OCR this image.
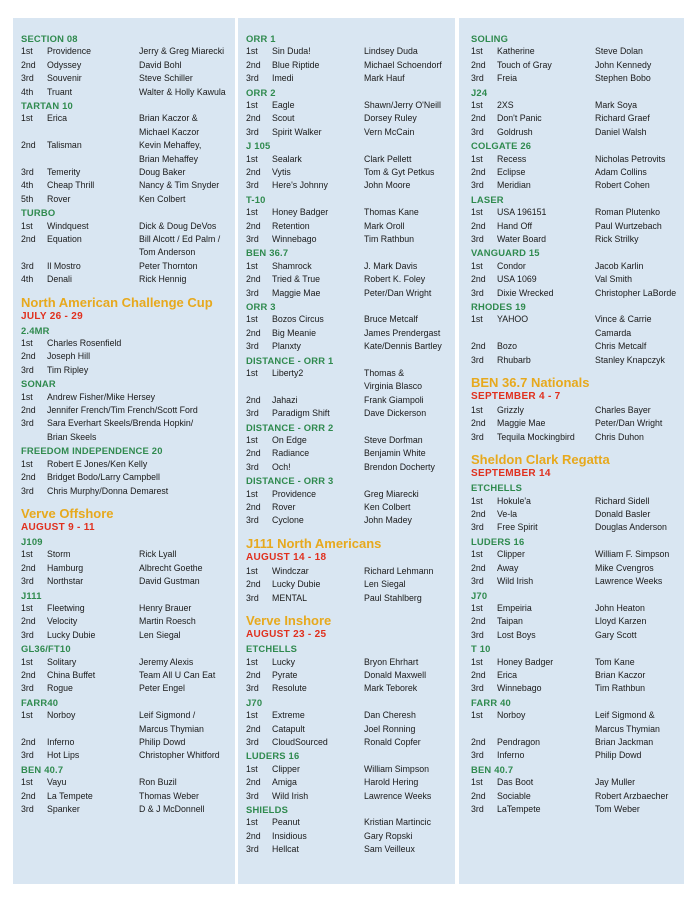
SECTION 08
1st	Providence	Jerry & Greg Miarecki
2nd	Odyssey	David Bohl
3rd	Souvenir	Steve Schiller
4th	Truant	Walter & Holly Kawula
TARTAN 10
1st	Erica	Brian Kaczor &
Michael Kaczor
2nd	Talisman	Kevin Mehaffey,
Brian Mehaffey
3rd	Temerity	Doug Baker
4th	Cheap Thrill	Nancy & Tim Snyder
5th	Rover	Ken Colbert
TURBO
1st	Windquest	Dick & Doug DeVos
2nd	Equation	Bill Alcott / Ed Palm /
Tom Anderson
3rd	Il Mostro	Peter Thornton
4th	Denali	Rick Hennig
North American Challenge Cup
JULY 26 - 29
2.4MR
1st	Charles Rosenfield
2nd	Joseph Hill
3rd	Tim Ripley
SONAR
1st	Andrew Fisher/Mike Hersey
2nd	Jennifer French/Tim French/Scott Ford
3rd	Sara Everhart Skeels/Brenda Hopkin/
Brian Skeels
FREEDOM INDEPENDENCE 20
1st	Robert E Jones/Ken Kelly
2nd	Bridget Bodo/Larry Campbell
3rd	Chris Murphy/Donna Demarest
Verve Offshore
AUGUST 9 - 11
J109
1st	Storm	Rick Lyall
2nd	Hamburg	Albrecht Goethe
3rd	Northstar	David Gustman
J111
1st	Fleetwing	Henry Brauer
2nd	Velocity	Martin Roesch
3rd	Lucky Dubie	Len Siegal
GL36/FT10
1st	Solitary	Jeremy Alexis
2nd	China Buffet	Team All U Can Eat
3rd	Rogue	Peter Engel
FARR40
1st	Norboy	Leif Sigmond /
Marcus Thymian
2nd	Inferno	Philip Dowd
3rd	Hot Lips	Christopher Whitford
BEN 40.7
1st	Vayu	Ron Buzil
2nd	La Tempete	Thomas Weber
3rd	Spanker	D & J McDonnell
ORR 1
1st	Sin Duda!	Lindsey Duda
2nd	Blue Riptide	Michael Schoendorf
3rd	Imedi	Mark Hauf
ORR 2
1st	Eagle	Shawn/Jerry O'Neill
2nd	Scout	Dorsey Ruley
3rd	Spirit Walker	Vern McCain
J 105
1st	Sealark	Clark Pellett
2nd	Vytis	Tom & Gyt Petkus
3rd	Here's Johnny	John Moore
T-10
1st	Honey Badger	Thomas Kane
2nd	Retention	Mark Oroll
3rd	Winnebago	Tim Rathbun
BEN 36.7
1st	Shamrock	J. Mark Davis
2nd	Tried & True	Robert K. Foley
3rd	Maggie Mae	Peter/Dan Wright
ORR 3
1st	Bozos Circus	Bruce Metcalf
2nd	Big Meanie	James Prendergast
3rd	Planxty	Kate/Dennis Bartley
DISTANCE - ORR 1
1st	Liberty2	Thomas &
Virginia Blasco
2nd	Jahazi	Frank Giampoli
3rd	Paradigm Shift	Dave Dickerson
DISTANCE - ORR 2
1st	On Edge	Steve Dorfman
2nd	Radiance	Benjamin White
3rd	Och!	Brendon Docherty
DISTANCE - ORR 3
1st	Providence	Greg Miarecki
2nd	Rover	Ken Colbert
3rd	Cyclone	John Madey
J111 North Americans
AUGUST 14 - 18
1st	Windczar	Richard Lehmann
2nd	Lucky Dubie	Len Siegal
3rd	MENTAL	Paul Stahlberg
Verve Inshore
AUGUST 23 - 25
ETCHELLS
1st	Lucky	Bryon Ehrhart
2nd	Pyrate	Donald Maxwell
3rd	Resolute	Mark Teborek
J70
1st	Extreme	Dan Cheresh
2nd	Catapult	Joel Ronning
3rd	CloudSourced	Ronald Copfer
LUDERS 16
1st	Clipper	William Simpson
2nd	Amiga	Harold Hering
3rd	Wild Irish	Lawrence Weeks
SHIELDS
1st	Peanut	Kristian Martincic
2nd	Insidious	Gary Ropski
3rd	Hellcat	Sam Veilleux
SOLING
1st	Katherine	Steve Dolan
2nd	Touch of Gray	John Kennedy
3rd	Freia	Stephen Bobo
J24
1st	2XS	Mark Soya
2nd	Don't Panic	Richard Graef
3rd	Goldrush	Daniel Walsh
COLGATE 26
1st	Recess	Nicholas Petrovits
2nd	Eclipse	Adam Collins
3rd	Meridian	Robert Cohen
LASER
1st	USA 196151	Roman Plutenko
2nd	Hand Off	Paul Wurtzebach
3rd	Water Board	Rick Strilky
VANGUARD 15
1st	Condor	Jacob Karlin
2nd	USA 1069	Val Smith
3rd	Dixie Wrecked	Christopher LaBorde
RHODES 19
1st	YAHOO	Vince & Carrie
Camarda
2nd	Bozo	Chris Metcalf
3rd	Rhubarb	Stanley Knapczyk
BEN 36.7 Nationals
SEPTEMBER 4 - 7
1st	Grizzly	Charles Bayer
2nd	Maggie Mae	Peter/Dan Wright
3rd	Tequila Mockingbird	Chris Duhon
Sheldon Clark Regatta
SEPTEMBER 14
ETCHELLS
1st	Hokule'a	Richard Sidell
2nd	Ve-la	Donald Basler
3rd	Free Spirit	Douglas Anderson
LUDERS 16
1st	Clipper	William F. Simpson
2nd	Away	Mike Cvengros
3rd	Wild Irish	Lawrence Weeks
J70
1st	Empeiria	John Heaton
2nd	Taipan	Lloyd Karzen
3rd	Lost Boys	Gary Scott
T 10
1st	Honey Badger	Tom Kane
2nd	Erica	Brian Kaczor
3rd	Winnebago	Tim Rathbun
FARR 40
1st	Norboy	Leif Sigmond &
Marcus Thymian
2nd	Pendragon	Brian Jackman
3rd	Inferno	Philip Dowd
BEN 40.7
1st	Das Boot	Jay Muller
2nd	Sociable	Robert Arzbaecher
3rd	LaTempete	Tom Weber
